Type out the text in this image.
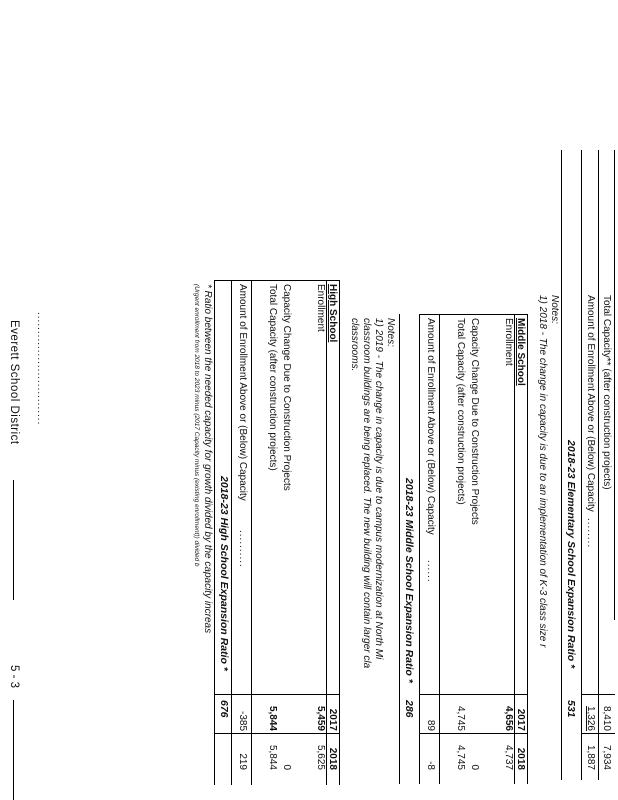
Total Capacity** (after construction projects)
8,410
7,934
Amount of Enrollment Above or (Below) Capacity
........
1,326
1,887
2018-23 Elementary School Expansion Ratio *
531
Notes:
1) 2018 - The change in capacity is due to an implementation of K-3 class size r
Middle School
2017
2018
Enrollment
4,656
4,737
Capacity Change Due to Construction Projects
0
Total Capacity (after construction projects)
4,745
4,745
Amount of Enrollment Above or (Below) Capacity
......
89
-8
2018-23 Middle School Expansion Ratio *
286
Notes:
1) 2019 - The change in capacity is due to campus modernization at North Mi
classroom buildings are being replaced. The new building will contain larger cla
classrooms.
High School
2017
2018
Enrollment
5,459
5,625
Capacity Change Due to Construction Projects
0
Total Capacity (after construction projects)
5,844
5,844
Amount of Enrollment Above or (Below) Capacity
..........
-385
219
2018-23 High School Expansion Ratio *
676
* Ratio between the needed capacity for growth divided by the capacity increas
(Urgent enrollment from 2018 to 2023 minus (2017 Capacity minus (existing enrollment)) divided b
..............................
Everett School District
5 - 3
